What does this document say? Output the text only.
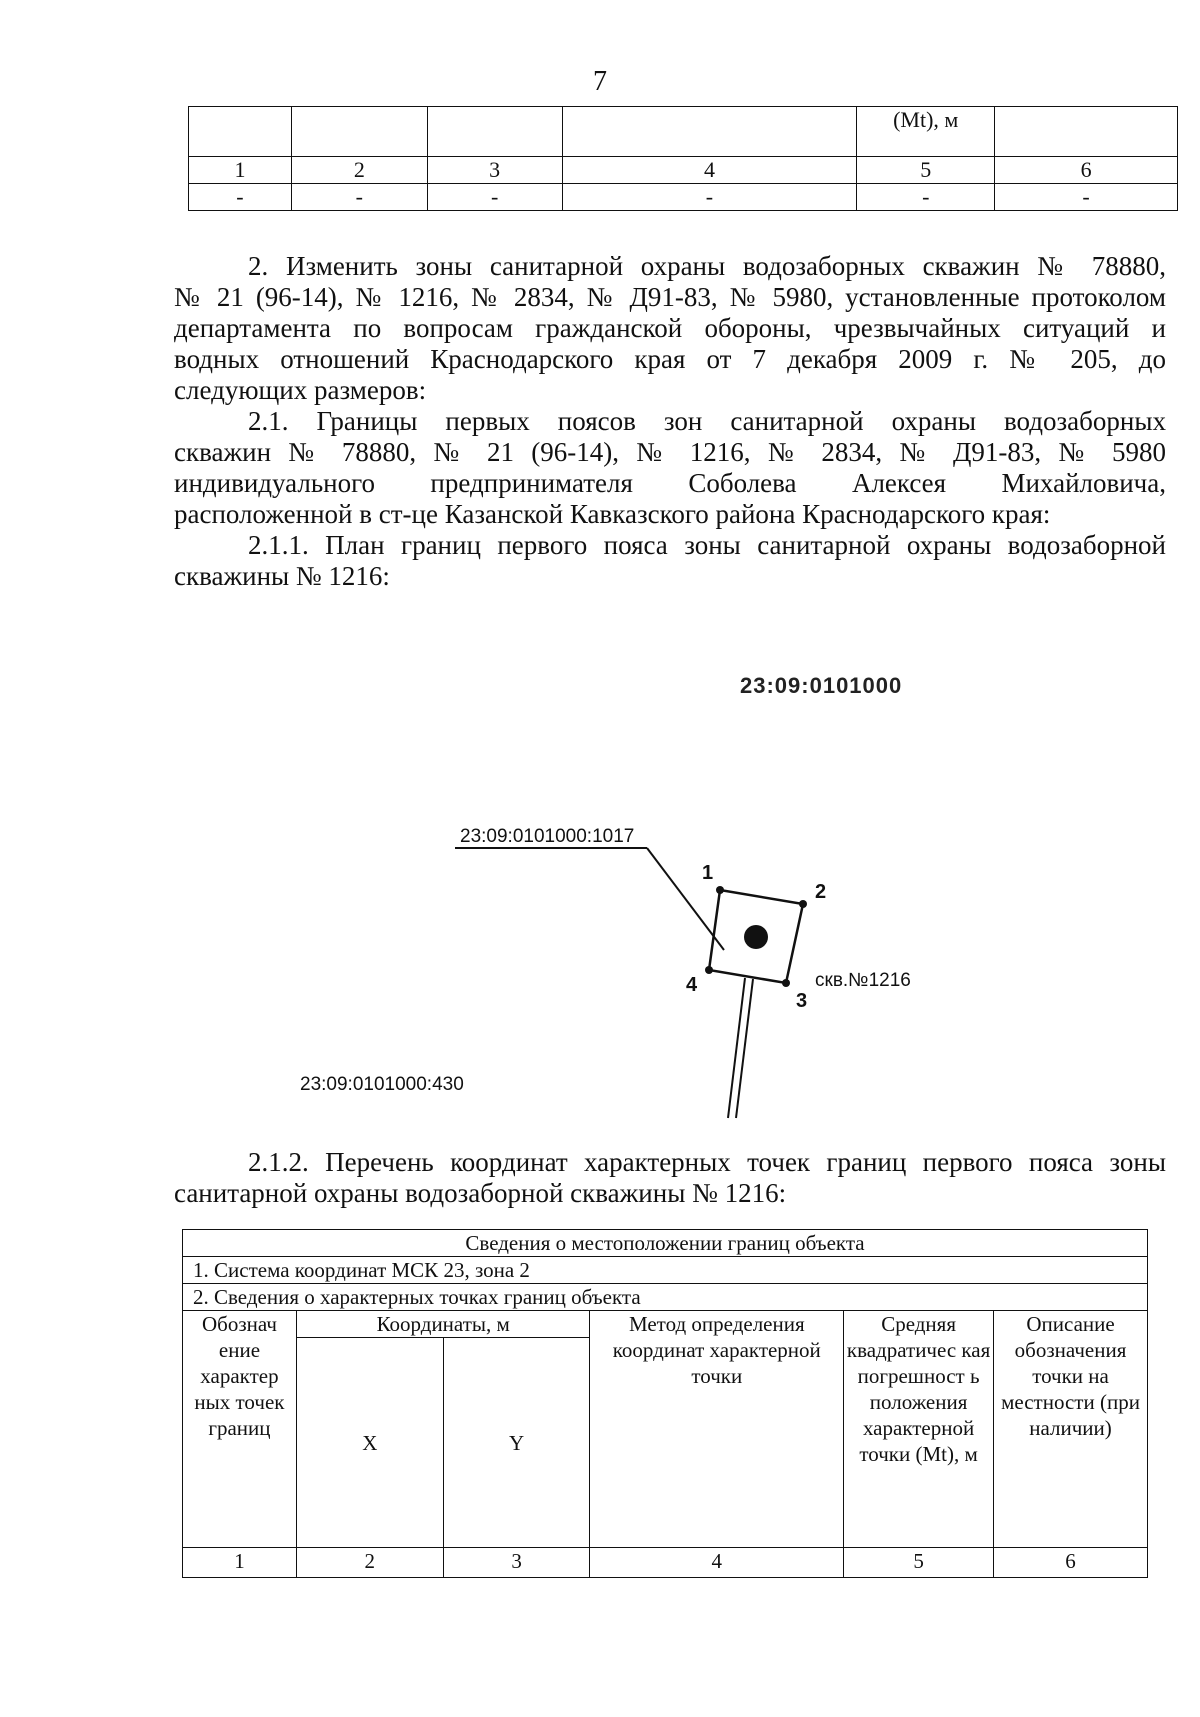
7
				(Mt), м	
1	2	3	4	5	6
-	-	-	-	-	-
2. Изменить зоны санитарной охраны водозаборных скважин № 78880,
№ 21 (96-14), № 1216, № 2834, № Д91-83, № 5980, установленные протоколом
департамента по вопросам гражданской обороны, чрезвычайных ситуаций и
водных отношений Краснодарского края от 7 декабря 2009 г. № 205, до
следующих размеров:
2.1. Границы первых поясов зон санитарной охраны водозаборных
скважин № 78880, № 21 (96-14), № 1216, № 2834, № Д91-83, № 5980
индивидуального предпринимателя Соболева Алексея Михайловича,
расположенной в ст-це Казанской Кавказского района Краснодарского края:
2.1.1. План границ первого пояса зоны санитарной охраны водозаборной
скважины № 1216:
23:09:0101000
23:09:0101000:1017
23:09:0101000:430
скв.№1216
1
2
3
4
2.1.2. Перечень координат характерных точек границ первого пояса зоны
санитарной охраны водозаборной скважины № 1216:
Сведения о местоположении границ объекта					
1. Система координат МСК 23, зона 2					
2. Сведения о характерных точках границ объекта					
Обознач ение характер ных точек границ	Координаты, м		Метод определения координат характерной точки	Средняя квадратичес кая погрешност ь положения характерной точки (Mt), м	Описание обозначения точки на местности (при наличии)
	X	Y			
1	2	3	4	5	6
